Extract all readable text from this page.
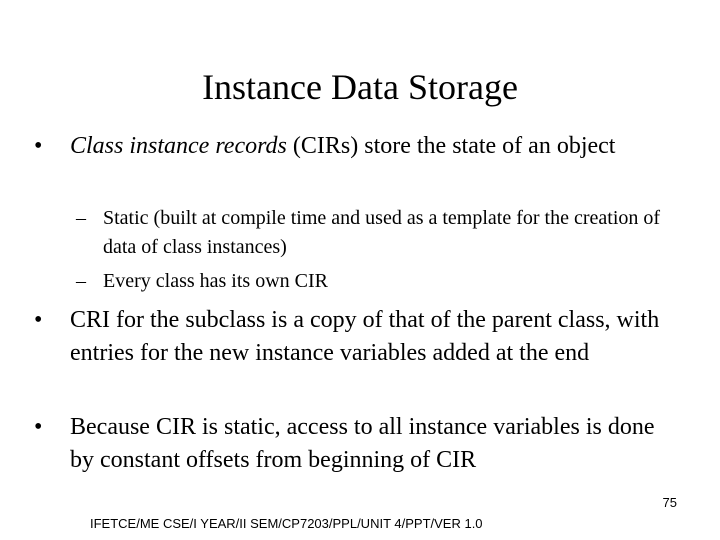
Instance Data Storage
• Class instance records (CIRs) store the state of an object
– Static (built at compile time and used as a template for the creation of data of class instances)
– Every class has its own CIR
• CRI for the subclass is a copy of that of the parent class, with entries for the new instance variables added at the end
• Because CIR is static, access to all instance variables is done by constant offsets from beginning of CIR
75
IFETCE/ME CSE/I YEAR/II SEM/CP7203/PPL/UNIT 4/PPT/VER 1.0
